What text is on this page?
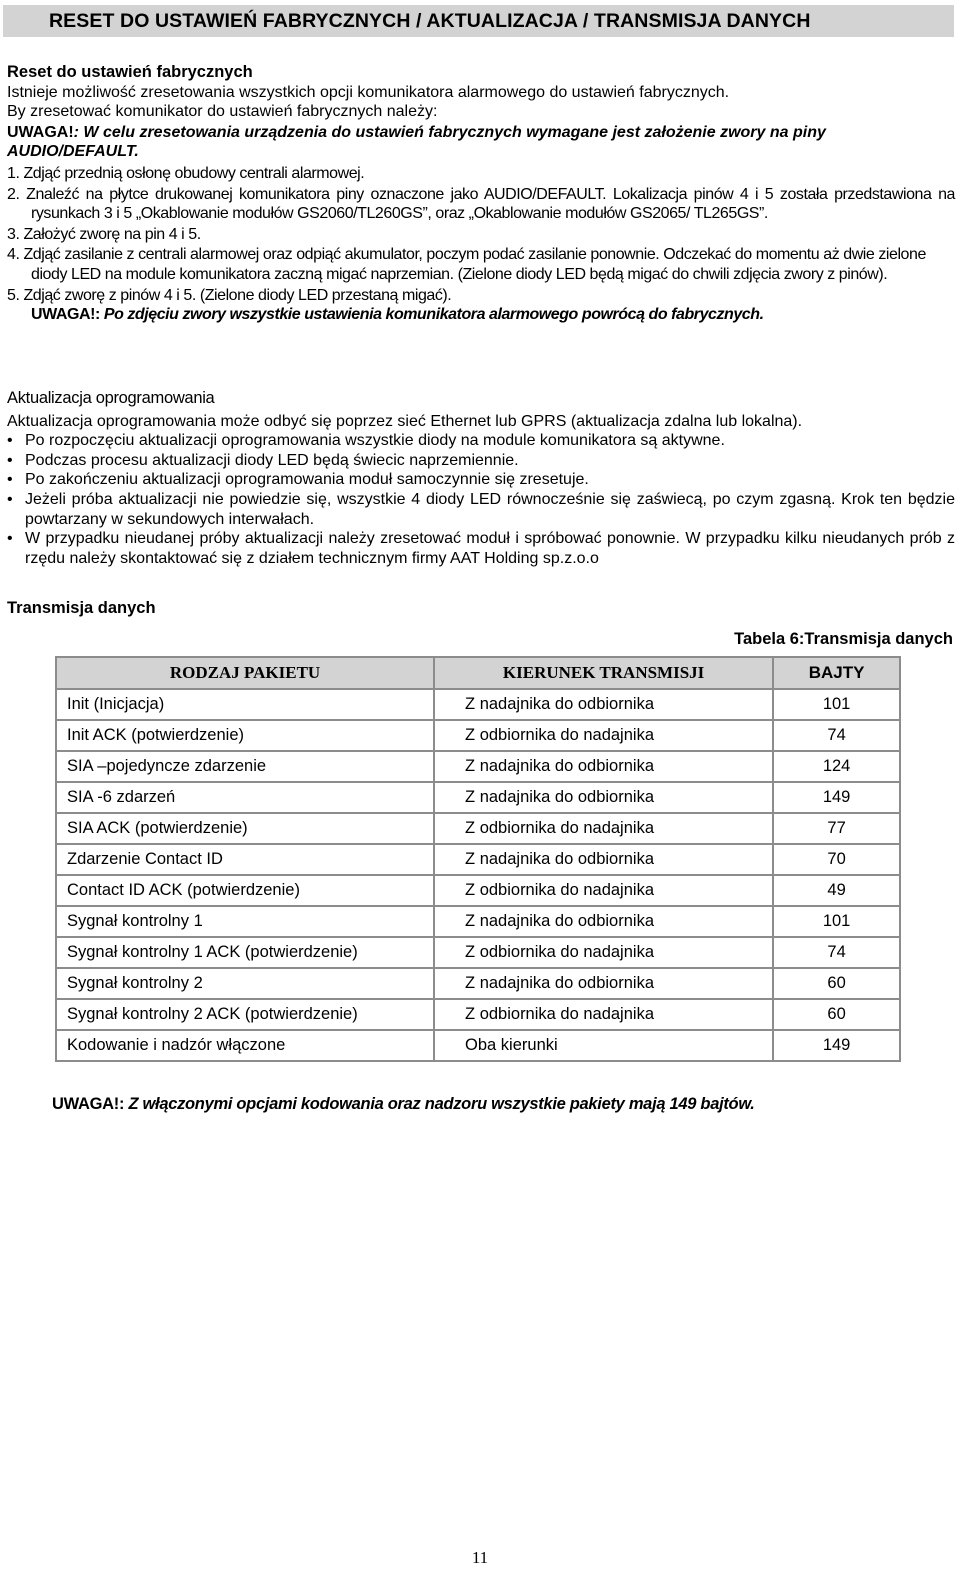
RESET DO USTAWIEŃ FABRYCZNYCH / AKTUALIZACJA / TRANSMISJA DANYCH

Reset do ustawień fabrycznych

Istnieje możliwość zresetowania wszystkich opcji komunikatora alarmowego do ustawień fabrycznych.

By zresetować komunikator do ustawień fabrycznych należy:

UWAGA!: W celu zresetowania urządzenia do ustawień fabrycznych wymagane jest założenie zwory na piny AUDIO/DEFAULT.

1. Zdjąć przednią osłonę obudowy centrali alarmowej.

2. Znaleźć na płytce drukowanej komunikatora piny oznaczone jako AUDIO/DEFAULT. Lokalizacja pinów 4 i 5 została przedstawiona na rysunkach 3 i 5 „Okablowanie modułów GS2060/TL260GS”, oraz „Okablowanie modułów GS2065/ TL265GS”.

3. Założyć zworę na pin 4 i 5.

4. Zdjąć zasilanie z centrali alarmowej oraz odpiąć akumulator, poczym podać zasilanie ponownie. Odczekać do momentu aż dwie zielone diody LED na module komunikatora zaczną migać naprzemian. (Zielone diody LED będą migać do chwili zdjęcia zwory z pinów).

5. Zdjąć zworę z pinów 4 i 5. (Zielone diody LED przestaną migać).

UWAGA!: Po zdjęciu zwory wszystkie ustawienia komunikatora alarmowego powrócą do fabrycznych.

Aktualizacja oprogramowania

Aktualizacja oprogramowania może odbyć się poprzez sieć Ethernet lub GPRS (aktualizacja zdalna lub lokalna).

• Po rozpoczęciu aktualizacji oprogramowania wszystkie diody na module komunikatora są aktywne.
• Podczas procesu aktualizacji diody LED będą świecic naprzemiennie.
• Po zakończeniu aktualizacji oprogramowania moduł samoczynnie się zresetuje.
• Jeżeli próba aktualizacji nie powiedzie się, wszystkie 4 diody LED równocześnie się zaświecą, po czym zgasną. Krok ten będzie powtarzany w sekundowych interwałach.
• W przypadku nieudanej próby aktualizacji należy zresetować moduł i spróbować ponownie. W przypadku kilku nieudanych prób z rzędu należy skontaktować się z działem technicznym firmy AAT Holding sp.z.o.o

Transmisja danych

Tabela 6:Transmisja danych
RODZAJ PAKIETU	KIERUNEK TRANSMISJI	BAJTY
Init (Inicjacja)	Z nadajnika do odbiornika	101
Init ACK (potwierdzenie)	Z odbiornika do nadajnika	74
SIA –pojedyncze zdarzenie	Z nadajnika do odbiornika	124
SIA -6 zdarzeń	Z nadajnika do odbiornika	149
SIA ACK (potwierdzenie)	Z odbiornika do nadajnika	77
Zdarzenie Contact ID	Z nadajnika do odbiornika	70
Contact ID ACK (potwierdzenie)	Z odbiornika do nadajnika	49
Sygnał kontrolny 1	Z nadajnika do odbiornika	101
Sygnał kontrolny 1 ACK (potwierdzenie)	Z odbiornika do nadajnika	74
Sygnał kontrolny 2	Z nadajnika do odbiornika	60
Sygnał kontrolny 2 ACK (potwierdzenie)	Z odbiornika do nadajnika	60
Kodowanie i nadzór włączone	Oba kierunki	149
UWAGA!: Z włączonymi opcjami kodowania oraz nadzoru wszystkie pakiety mają 149 bajtów.
11
